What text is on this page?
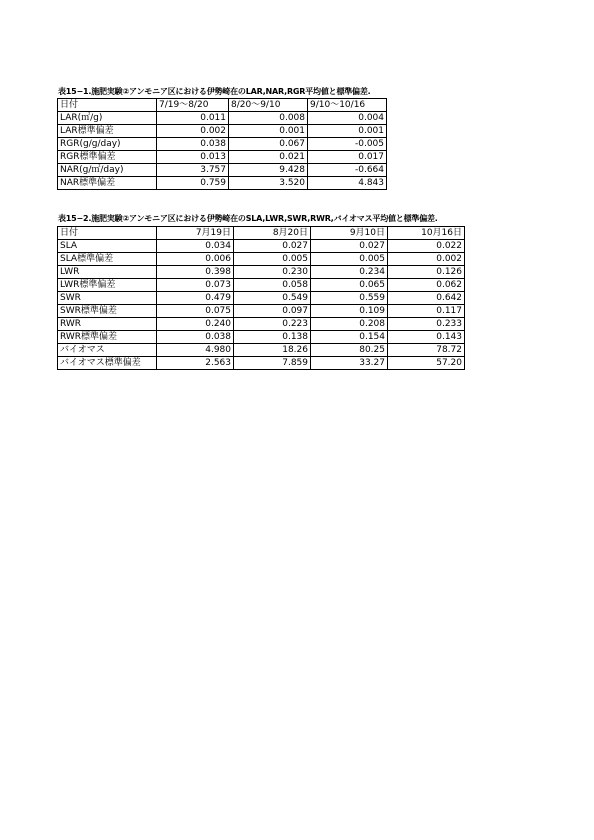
表15−1.施肥実験②アンモニア区における伊勢崎在のLAR,NAR,RGR平均値と標準偏差.
日付	7/19〜8/20	8/20〜9/10	9/10〜10/16
LAR(㎡/g)	0.011	0.008	0.004
LAR標準偏差	0.002	0.001	0.001
RGR(g/g/day)	0.038	0.067	-0.005
RGR標準偏差	0.013	0.021	0.017
NAR(g/㎡/day)	3.757	9.428	-0.664
NAR標準偏差	0.759	3.520	4.843
表15−2.施肥実験②アンモニア区における伊勢崎在のSLA,LWR,SWR,RWR,バイオマス平均値と標準偏差.
日付	7月19日	8月20日	9月10日	10月16日
SLA	0.034	0.027	0.027	0.022
SLA標準偏差	0.006	0.005	0.005	0.002
LWR	0.398	0.230	0.234	0.126
LWR標準偏差	0.073	0.058	0.065	0.062
SWR	0.479	0.549	0.559	0.642
SWR標準偏差	0.075	0.097	0.109	0.117
RWR	0.240	0.223	0.208	0.233
RWR標準偏差	0.038	0.138	0.154	0.143
バイオマス	4.980	18.26	80.25	78.72
バイオマス標準偏差	2.563	7.859	33.27	57.20
